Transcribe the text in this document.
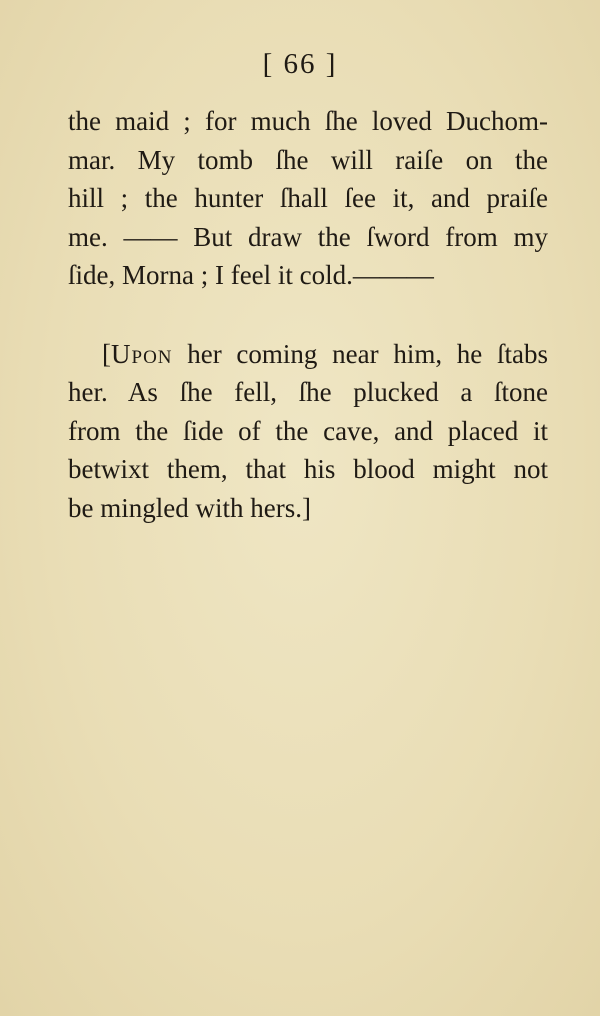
[ 66 ]
the maid ; for much ſhe loved Duchom-
mar. My tomb ſhe will raiſe on the
hill ; the hunter ſhall ſee it, and praiſe
me. —— But draw the ſword from my
ſide, Morna ; I feel it cold.———
[Upon her coming near him, he ſtabs
her. As ſhe fell, ſhe plucked a ſtone
from the ſide of the cave, and placed it
betwixt them, that his blood might not
be mingled with hers.]
